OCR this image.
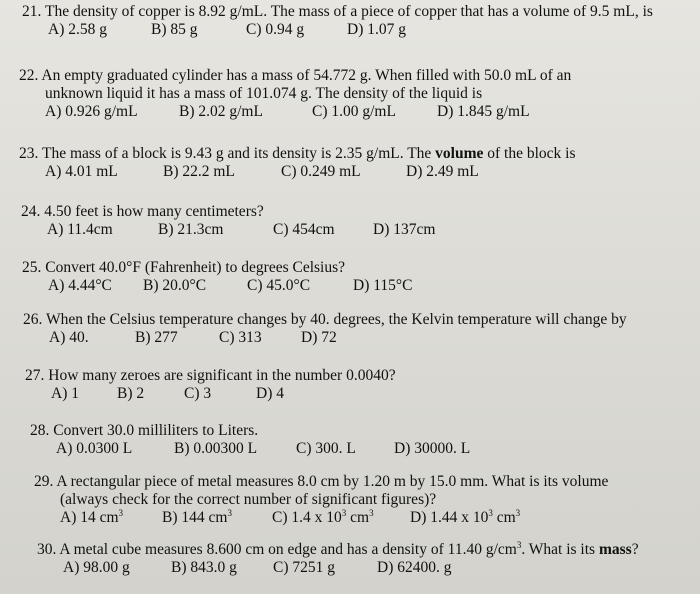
21. The density of copper is 8.92 g/mL. The mass of a piece of copper that has a volume of 9.5 mL, is
A) 2.58 g	B) 85 g	C) 0.94 g	D) 1.07 g
22. An empty graduated cylinder has a mass of 54.772 g. When filled with 50.0 mL of an
unknown liquid it has a mass of 101.074 g. The density of the liquid is
A) 0.926 g/mL	B) 2.02 g/mL	C) 1.00 g/mL	D) 1.845 g/mL
23. The mass of a block is 9.43 g and its density is 2.35 g/mL. The volume of the block is
A) 4.01 mL	B) 22.2 mL	C) 0.249 mL	D) 2.49 mL
24. 4.50 feet is how many centimeters?
A) 11.4cm	B) 21.3cm	C) 454cm	D) 137cm
25. Convert 40.0°F (Fahrenheit) to degrees Celsius?
A) 4.44°C	B) 20.0°C	C) 45.0°C	D) 115°C
26. When the Celsius temperature changes by 40. degrees, the Kelvin temperature will change by
A) 40.	B) 277	C) 313	D) 72
27. How many zeroes are significant in the number 0.0040?
A) 1	B) 2	C) 3	D) 4
28. Convert 30.0 milliliters to Liters.
A) 0.0300 L	B) 0.00300 L	C) 300. L	D) 30000. L
29. A rectangular piece of metal measures 8.0 cm by 1.20 m by 15.0 mm. What is its volume
(always check for the correct number of significant figures)?
A) 14 $cm^3$	B) 144 $cm^3$	C) 1.4 x $10^3$ $cm^3$	D) 1.44 x $10^3$ $cm^3$
30. A metal cube measures 8.600 cm on edge and has a density of 11.40 $g/cm^3$. What is its mass?
A) 98.00 g	B) 843.0 g	C) 7251 g	D) 62400. g
